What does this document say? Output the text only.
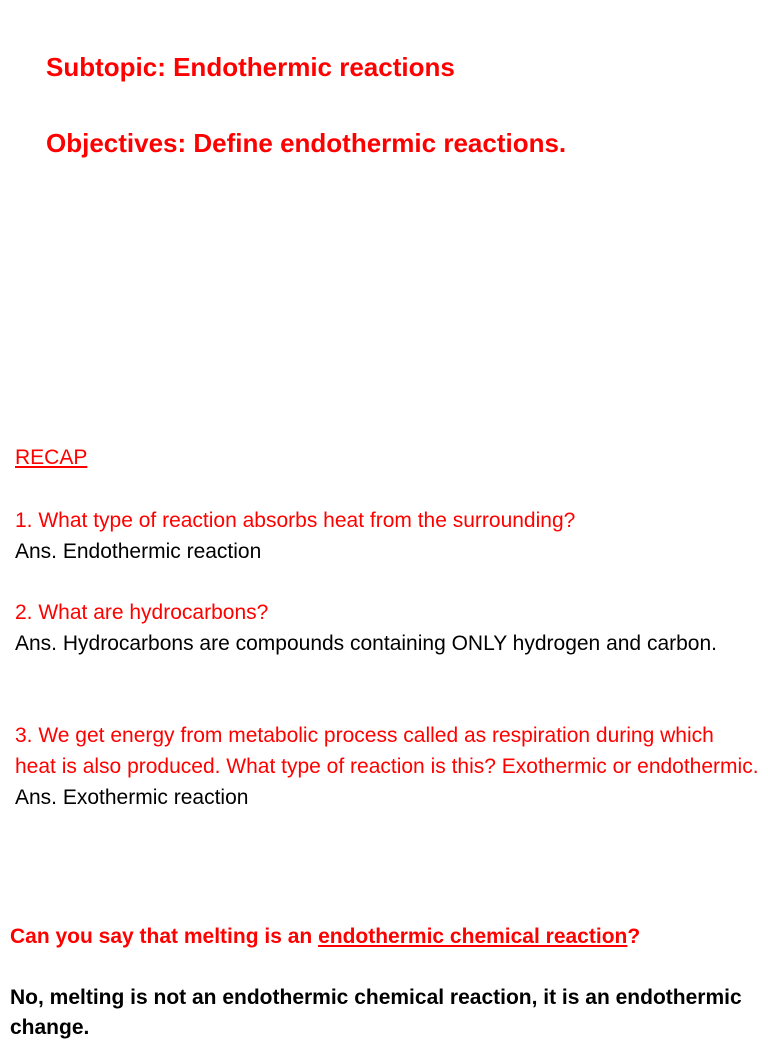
Subtopic: Endothermic reactions
Objectives: Define endothermic reactions.
RECAP
1. What type of reaction absorbs heat from the surrounding?
Ans. Endothermic reaction
2. What are hydrocarbons?
Ans. Hydrocarbons are compounds containing ONLY hydrogen and carbon.
3. We get energy from metabolic process called as respiration during which heat is also produced. What type of reaction is this? Exothermic or endothermic.
Ans. Exothermic reaction
Can you say that melting is an endothermic chemical reaction?
No, melting is not an endothermic chemical reaction, it is an endothermic change.
